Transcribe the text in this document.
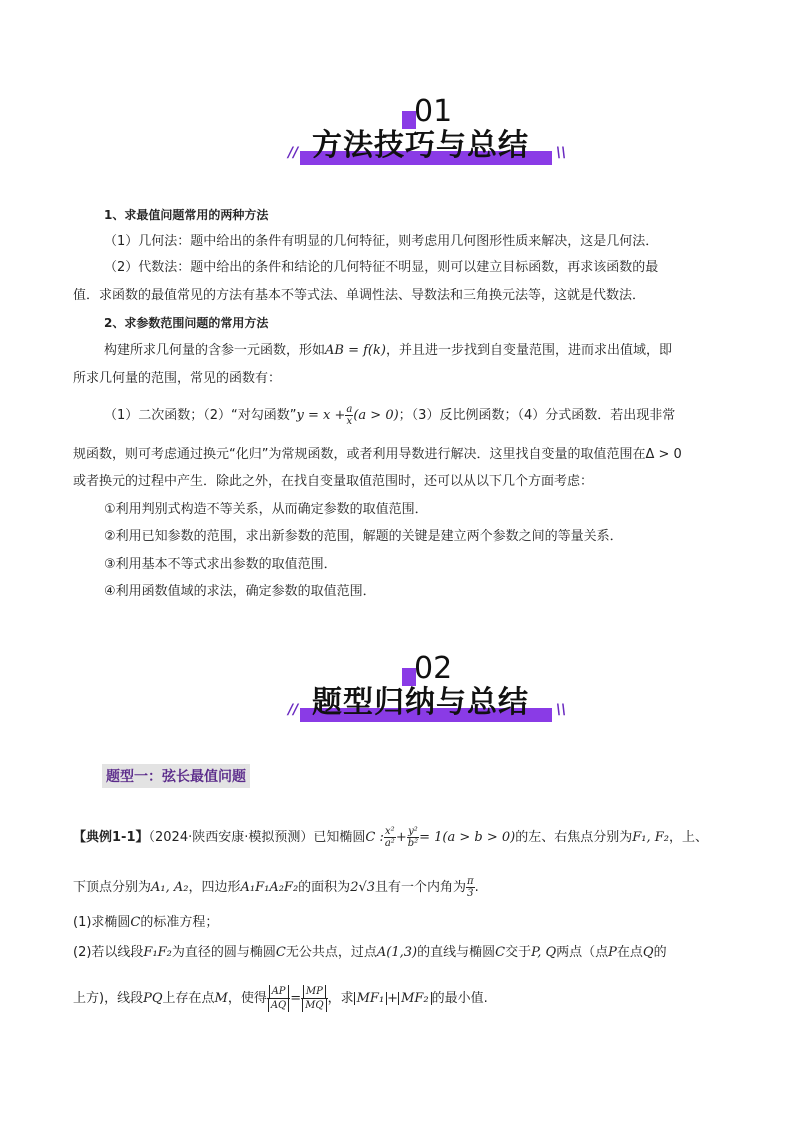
01
方法技巧与总结
//	\\
1、求最值问题常用的两种方法
（1）几何法：题中给出的条件有明显的几何特征，则考虑用几何图形性质来解决，这是几何法．
（2）代数法：题中给出的条件和结论的几何特征不明显，则可以建立目标函数，再求该函数的最
值．求函数的最值常见的方法有基本不等式法、单调性法、导数法和三角换元法等，这就是代数法．
2、求参数范围问题的常用方法
构建所求几何量的含参一元函数，形如AB = f(k)，并且进一步找到自变量范围，进而求出值域，即
所求几何量的范围，常见的函数有：
（1）二次函数；（2）“对勾函数”y = $x + \frac{a}{x} (a > 0)$；（3）反比例函数；（4）分式函数．若出现非常
规函数，则可考虑通过换元“化归”为常规函数，或者利用导数进行解决．这里找自变量的取值范围在Δ > 0
或者换元的过程中产生．除此之外，在找自变量取值范围时，还可以从以下几个方面考虑：
①利用判别式构造不等关系，从而确定参数的取值范围．
②利用已知参数的范围，求出新参数的范围，解题的关键是建立两个参数之间的等量关系．
③利用基本不等式求出参数的取值范围．
④利用函数值域的求法，确定参数的取值范围．
02
题型归纳与总结
//	\\
题型一：弦长最值问题
【典例1-1】（2024·陕西安康·模拟预测）已知椭圆C : $\frac{\text{x²}}{\text{a²}} + \frac{\text{y²}}{\text{b²}} = 1(a > b > 0)$的左、右焦点分别为F₁, F₂，上、
下顶点分别为A₁, A₂，四边形A₁F₁A₂F₂的面积为2√3且有一个内角为 $\frac{\pi}{3}$ .
(1)求椭圆C的标准方程；
(2)若以线段F₁F₂为直径的圆与椭圆C无公共点，过点A(1,3)的直线与椭圆C交于P, Q两点（点P在点Q的
上方)，线段PQ上存在点M，使得 $\frac{AP}{AQ} = \frac{MP}{MQ}$ ，求 MF₁ + MF₂ 的最小值.
